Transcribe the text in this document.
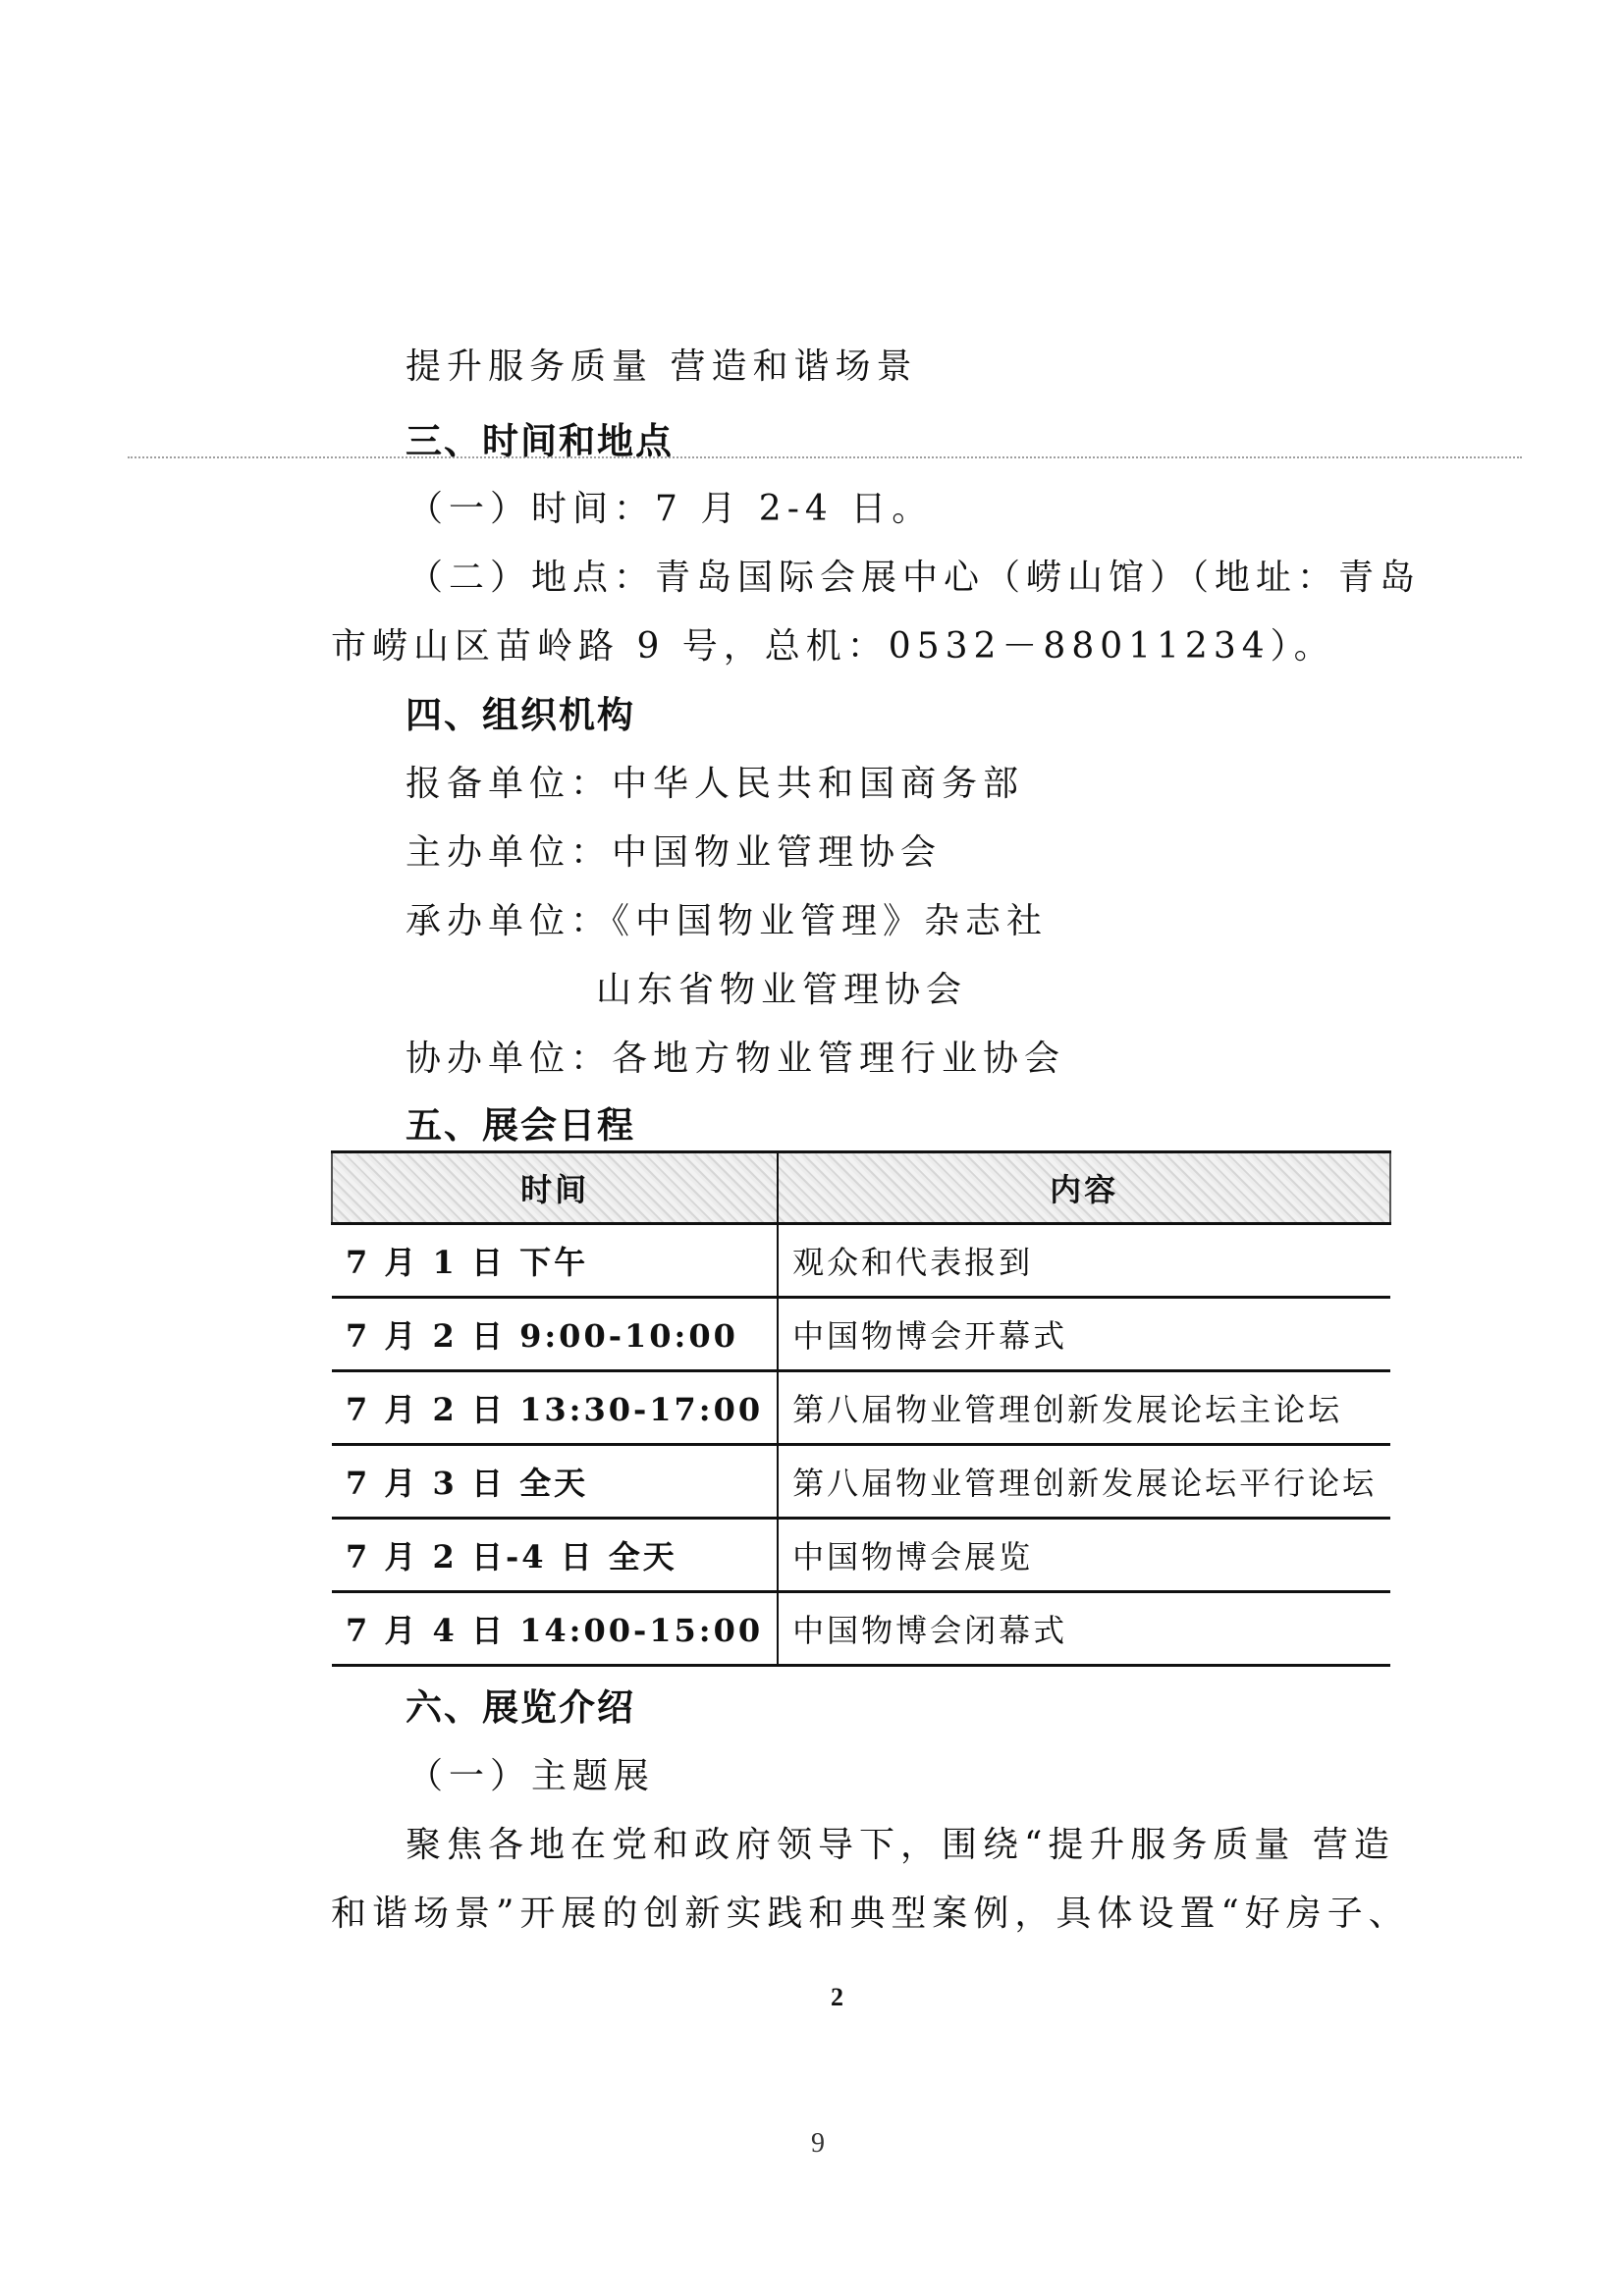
提升服务质量 营造和谐场景
三、时间和地点
（一）时间：7 月 2-4 日。
（二）地点：青岛国际会展中心（崂山馆）（地址：青岛
市崂山区苗岭路 9 号，总机：0532－88011234）。
四、组织机构
报备单位：中华人民共和国商务部
主办单位：中国物业管理协会
承办单位：《中国物业管理》杂志社
山东省物业管理协会
协办单位：各地方物业管理行业协会
五、展会日程
时间	内容
7 月 1 日 下午	观众和代表报到
7 月 2 日 9:00-10:00	中国物博会开幕式
7 月 2 日 13:30-17:00	第八届物业管理创新发展论坛主论坛
7 月 3 日 全天	第八届物业管理创新发展论坛平行论坛
7 月 2 日-4 日 全天	中国物博会展览
7 月 4 日 14:00-15:00	中国物博会闭幕式
六、展览介绍
（一）主题展
聚焦各地在党和政府领导下，围绕“提升服务质量 营造
和谐场景”开展的创新实践和典型案例，具体设置“好房子、
2
9
